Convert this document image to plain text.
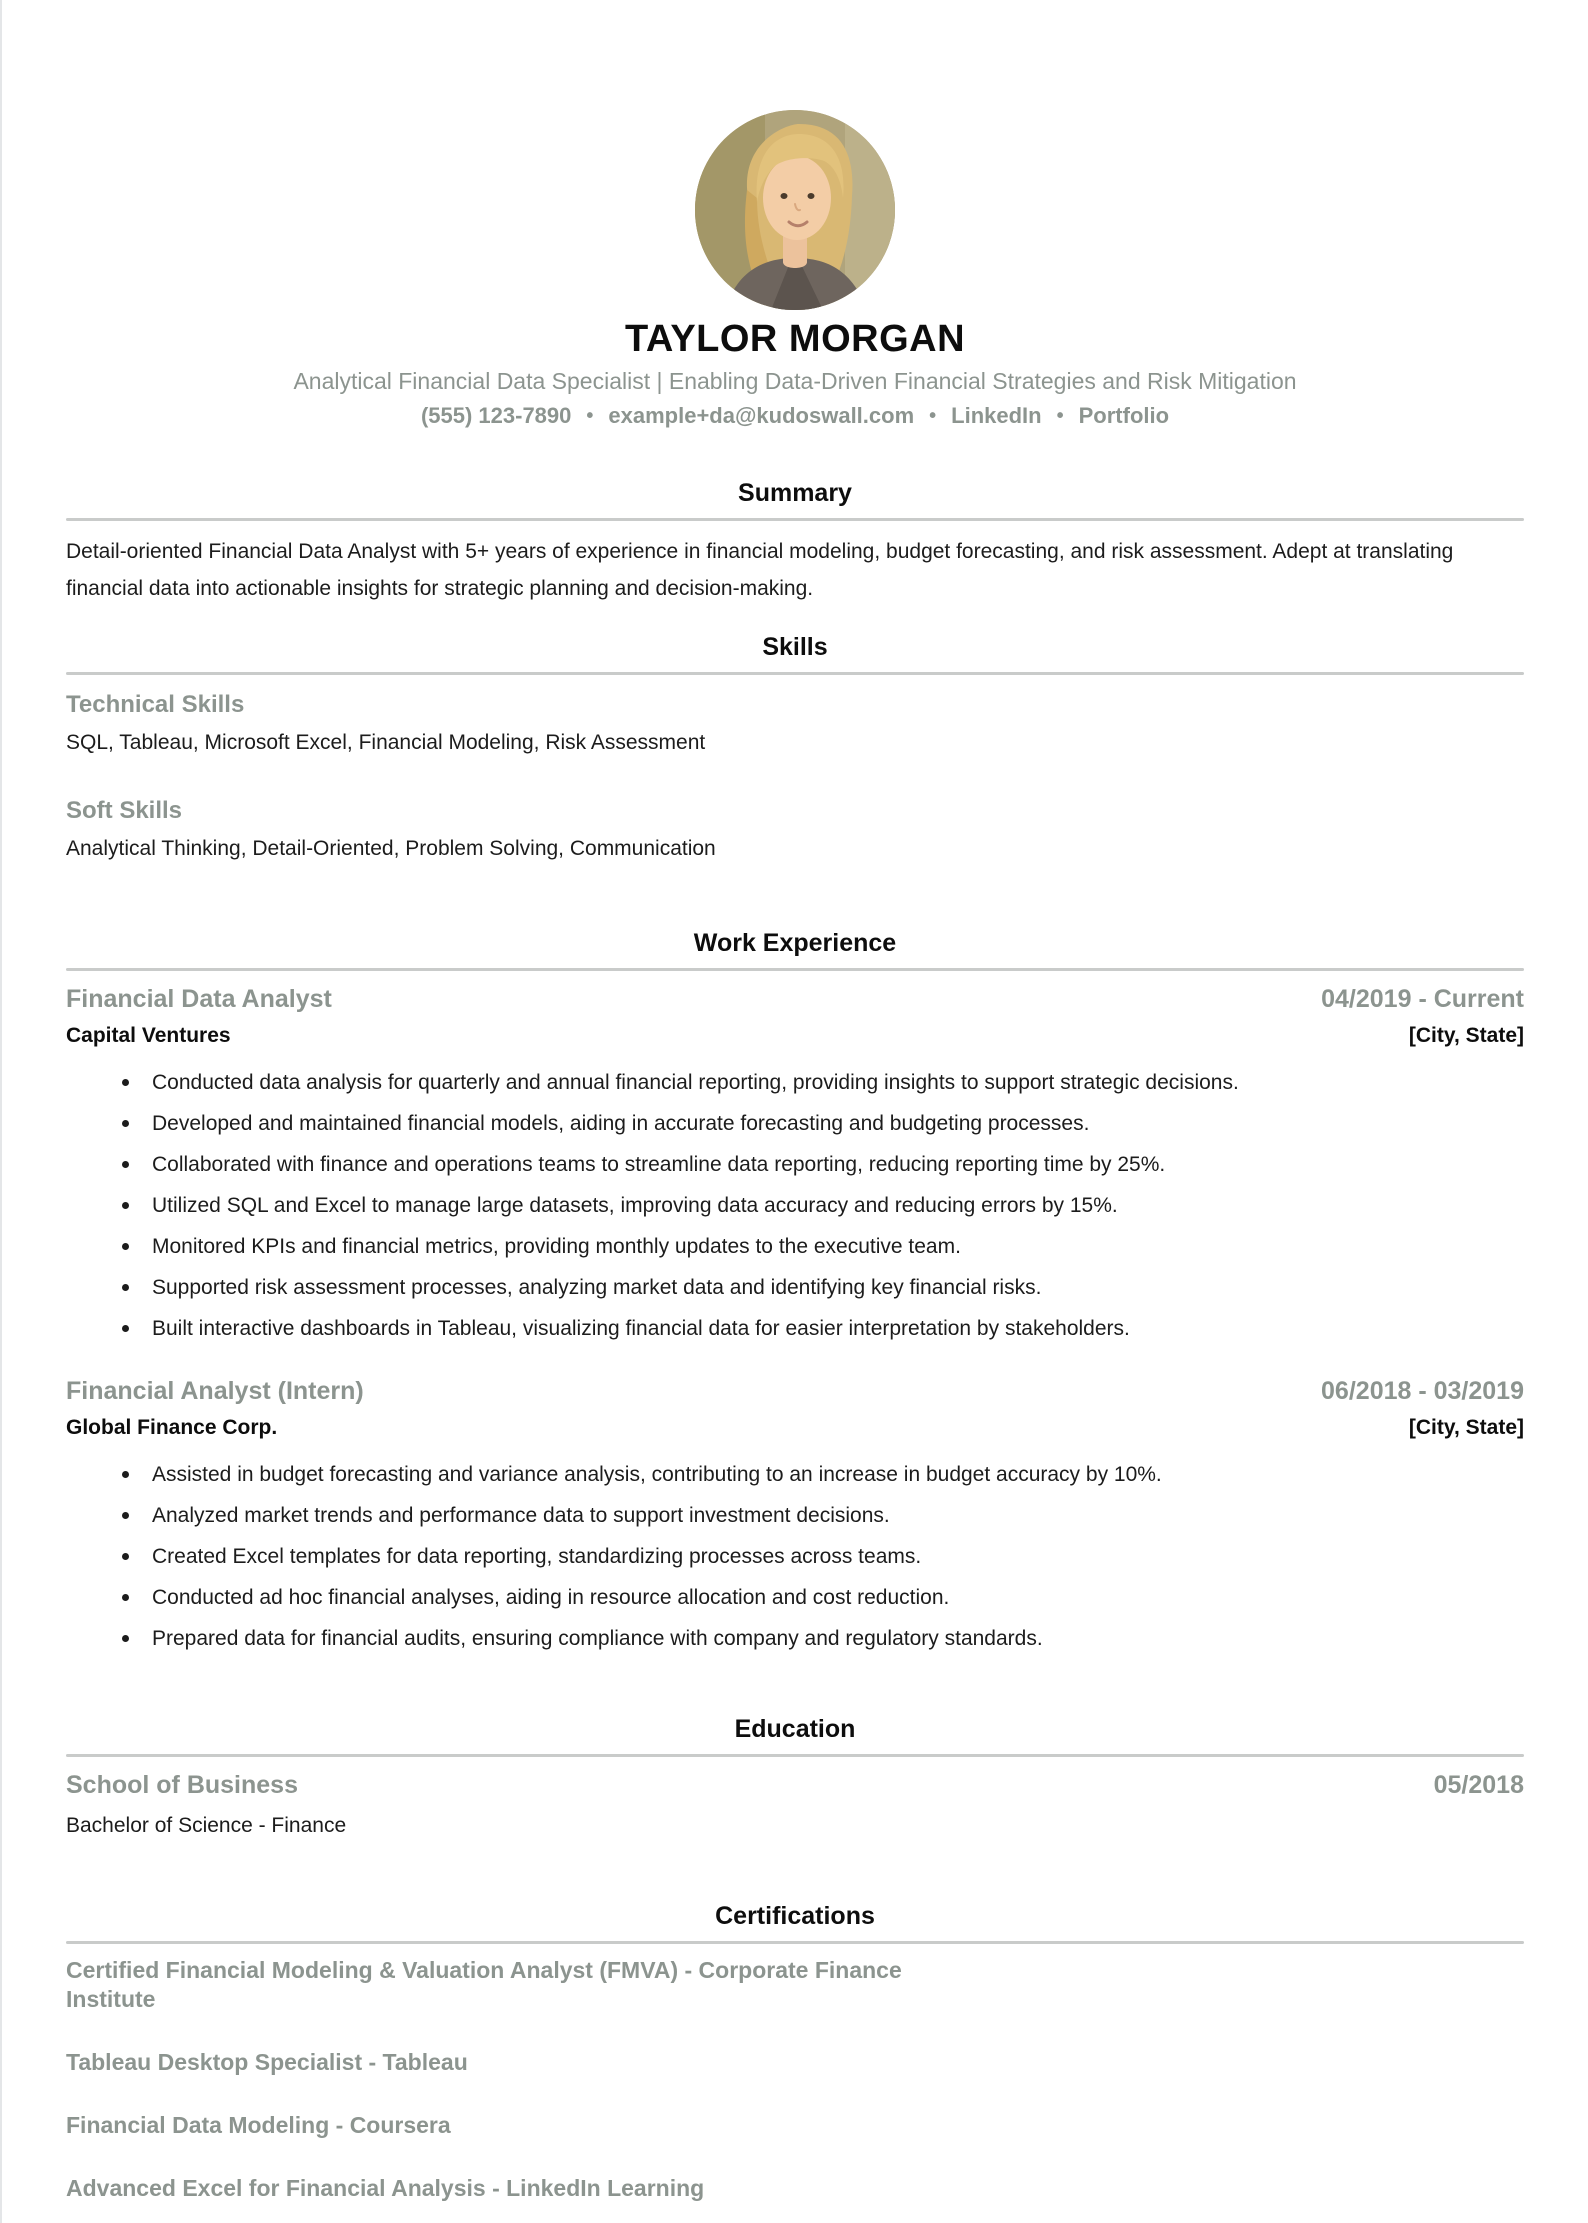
TAYLOR MORGAN
Analytical Financial Data Specialist | Enabling Data-Driven Financial Strategies and Risk Mitigation
(555) 123-7890 • example+da@kudoswall.com • LinkedIn • Portfolio
Summary
Detail-oriented Financial Data Analyst with 5+ years of experience in financial modeling, budget forecasting, and risk assessment. Adept at translating financial data into actionable insights for strategic planning and decision-making.
Skills
Technical Skills
SQL, Tableau, Microsoft Excel, Financial Modeling, Risk Assessment
Soft Skills
Analytical Thinking, Detail-Oriented, Problem Solving, Communication
Work Experience
Financial Data Analyst	04/2019 - Current
Capital Ventures	[City, State]
Conducted data analysis for quarterly and annual financial reporting, providing insights to support strategic decisions.
Developed and maintained financial models, aiding in accurate forecasting and budgeting processes.
Collaborated with finance and operations teams to streamline data reporting, reducing reporting time by 25%.
Utilized SQL and Excel to manage large datasets, improving data accuracy and reducing errors by 15%.
Monitored KPIs and financial metrics, providing monthly updates to the executive team.
Supported risk assessment processes, analyzing market data and identifying key financial risks.
Built interactive dashboards in Tableau, visualizing financial data for easier interpretation by stakeholders.
Financial Analyst (Intern)	06/2018 - 03/2019
Global Finance Corp.	[City, State]
Assisted in budget forecasting and variance analysis, contributing to an increase in budget accuracy by 10%.
Analyzed market trends and performance data to support investment decisions.
Created Excel templates for data reporting, standardizing processes across teams.
Conducted ad hoc financial analyses, aiding in resource allocation and cost reduction.
Prepared data for financial audits, ensuring compliance with company and regulatory standards.
Education
School of Business	05/2018
Bachelor of Science - Finance
Certifications
Certified Financial Modeling & Valuation Analyst (FMVA) - Corporate Finance Institute
Tableau Desktop Specialist - Tableau
Financial Data Modeling - Coursera
Advanced Excel for Financial Analysis - LinkedIn Learning
